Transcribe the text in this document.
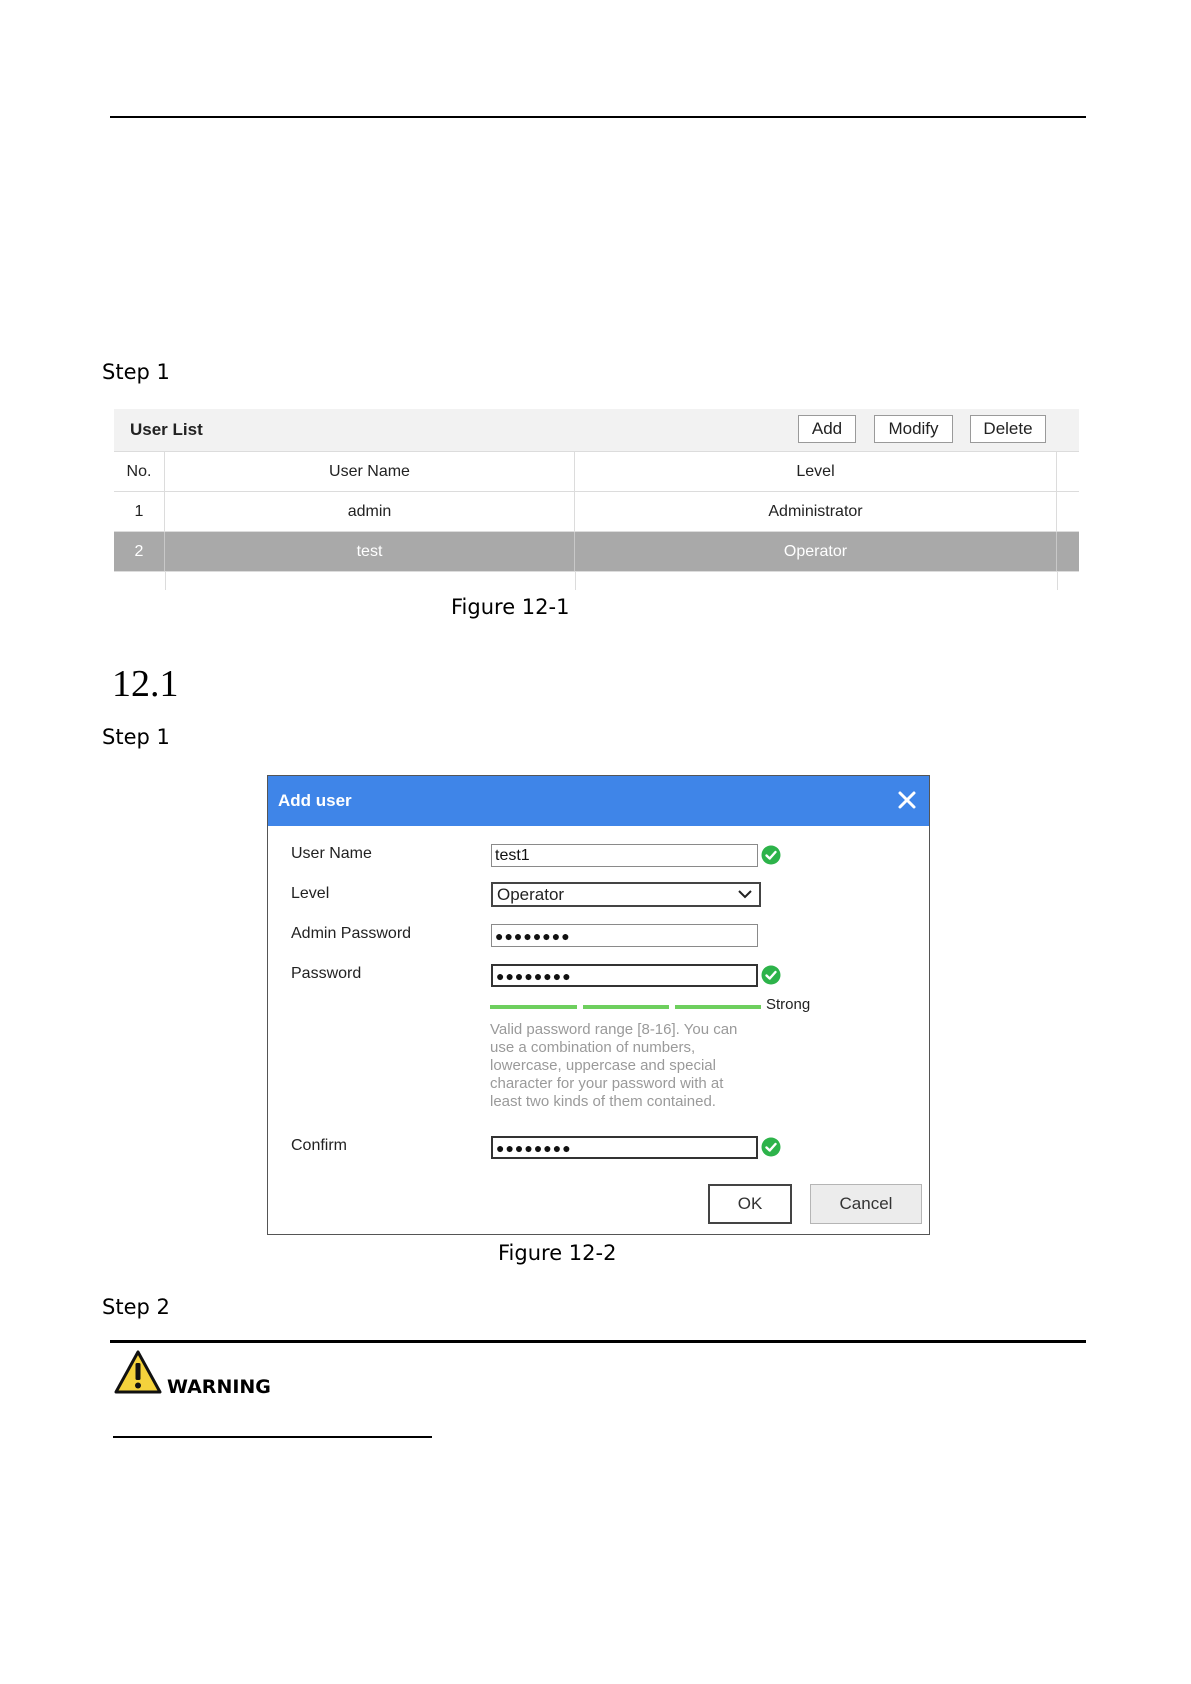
Step 1
User List	Add	Modify	Delete
No.	User Name	Level
1	admin	Administrator
2	test	Operator
Figure 12-1
12.1
Step 1
Add user
User Name	test1
Level	Operator
Admin Password	●●●●●●●●
Password	●●●●●●●●
Strong
Valid password range [8-16]. You can use a combination of numbers, lowercase, uppercase and special character for your password with at least two kinds of them contained.
Confirm	●●●●●●●●
OK	Cancel
Figure 12-2
Step 2
WARNING
